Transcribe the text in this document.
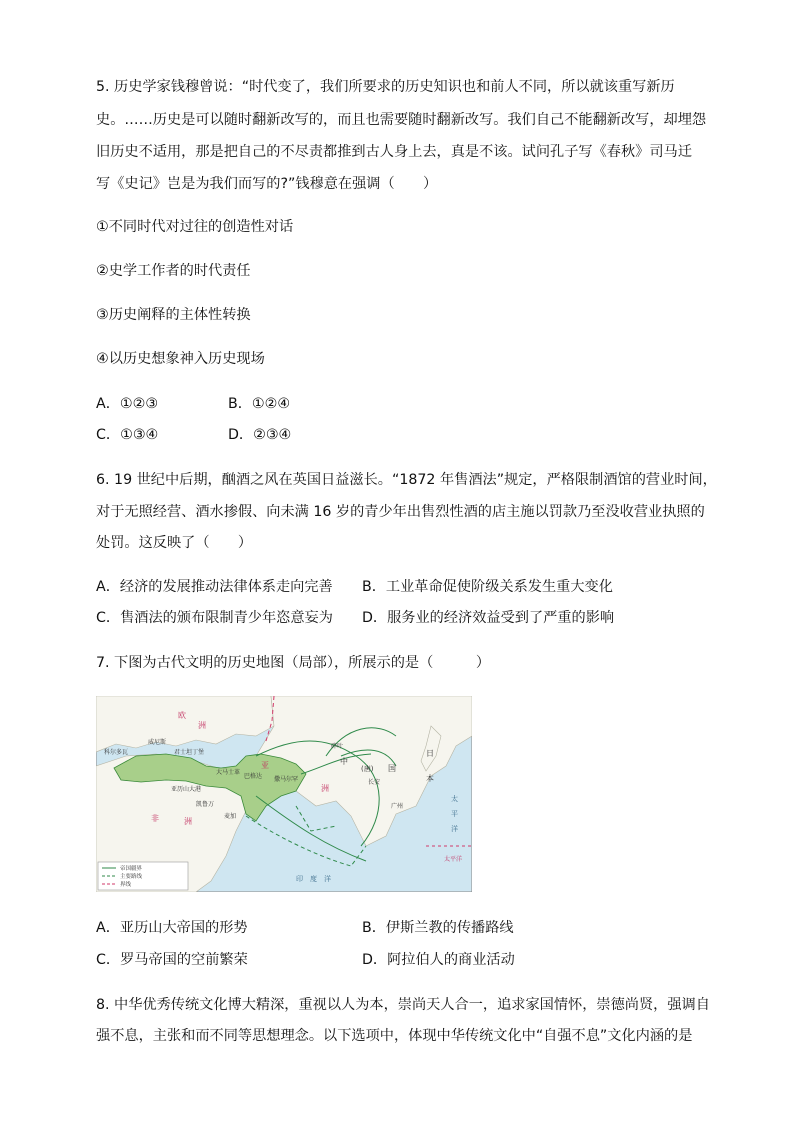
5. 历史学家钱穆曾说：“时代变了，我们所要求的历史知识也和前人不同，所以就该重写新历
史。……历史是可以随时翻新改写的，而且也需要随时翻新改写。我们自己不能翻新改写，却埋怨
旧历史不适用，那是把自己的不尽责都推到古人身上去，真是不该。试问孔子写《春秋》司马迁
写《史记》岂是为我们而写的?”钱穆意在强调（　　）
①不同时代对过往的创造性对话
②史学工作者的时代责任
③历史阐释的主体性转换
④以历史想象神入历史现场
A．①②③	B．①②④
C．①③④	D．②③④
6. 19 世纪中后期，酗酒之风在英国日益滋长。“1872 年售酒法”规定，严格限制酒馆的营业时间，
对于无照经营、酒水掺假、向未满 16 岁的青少年出售烈性酒的店主施以罚款乃至没收营业执照的
处罚。这反映了（　　）
A．经济的发展推动法律体系走向完善 B．工业革命促使阶级关系发生重大变化
C．售酒法的颁布限制青少年恣意妄为 D．服务业的经济效益受到了严重的影响
7. 下图为古代文明的历史地图（局部），所展示的是（　　　）
欧
洲
非	洲
亚
洲
中
国
(唐)
日
本
长安
广州
碎叶
巴格达
大马士革
麦加
威尼斯
君士坦丁堡
亚历山大港
撒马尔罕
凯鲁万
科尔多瓦
印　度　洋
太
平
洋
太平洋
帝国疆界
主要路线
界线
A．亚历山大帝国的形势	B．伊斯兰教的传播路线
C．罗马帝国的空前繁荣	D．阿拉伯人的商业活动
8. 中华优秀传统文化博大精深，重视以人为本，崇尚天人合一，追求家国情怀，崇德尚贤，强调自
强不息，主张和而不同等思想理念。以下选项中，体现中华传统文化中“自强不息”文化内涵的是
